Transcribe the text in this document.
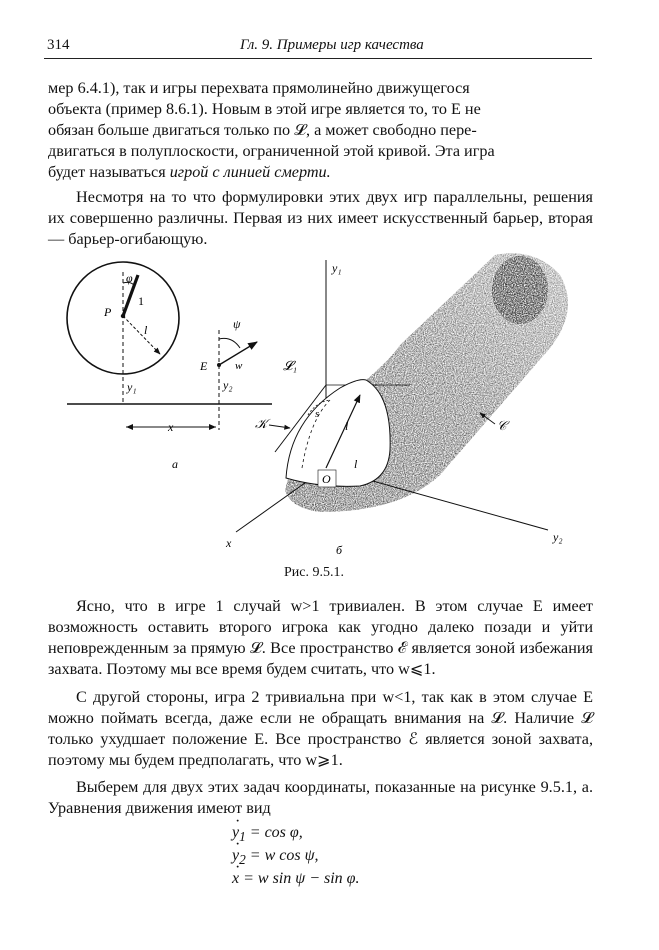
314	Гл. 9. Примеры игр качества
мер 6.4.1), так и игры перехвата прямолинейно движущегося
объекта (пример 8.6.1). Новым в этой игре является то, то E не
обязан больше двигаться только по 𝓛, а может свободно пере-
двигаться в полуплоскости, ограниченной этой кривой. Эта игра
будет называться игрой с линией смерти.

Несмотря на то что формулировки этих двух игр параллельны, решения их совершенно различны. Первая из них имеет искусственный барьер, вторая — барьер-огибающую.

φ
1
P
l
y₁
ψ
E	w
y₂
x
a
y₁
x	y₂
s
l
l
O
𝓛₁
𝒦	𝒞
б
Рис. 9.5.1.

Ясно, что в игре 1 случай w>1 тривиален. В этом случае E имеет возможность оставить второго игрока как угодно далеко позади и уйти неповрежденным за прямую 𝓛. Все пространство ℰ является зоной избежания захвата. Поэтому мы все время будем считать, что w⩽1.

С другой стороны, игра 2 тривиальна при w<1, так как в этом случае E можно поймать всегда, даже если не обращать внимания на 𝓛. Наличие 𝓛 только ухудшает положение E. Все пространство ℰ является зоной захвата, поэтому мы будем предполагать, что w⩾1.

Выберем для двух этих задач координаты, показанные на рисунке 9.5.1, a. Уравнения движения имеют вид

· $y_1 = \cos \varphi$,
· $y_2 = w$ cos ψ,
· x = w sin ψ − sin φ.
